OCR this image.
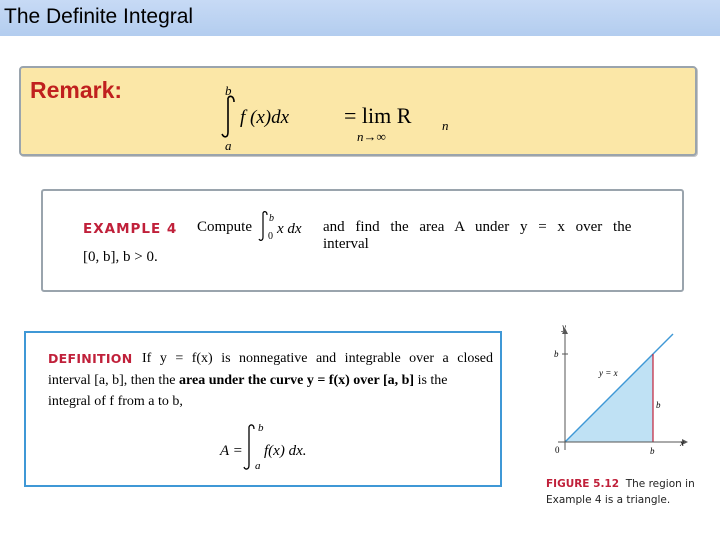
The Definite Integral
Remark:	b
a
f (x)dx = lim R n
n→∞
EXAMPLE 4 Compute
b
0 x dx and find the area A under y = x over the interval
[0, b], b > 0.
DEFINITION If y = f(x) is nonnegative and integrable over a closed
interval [a, b], then the area under the curve y = f(x) over [a, b] is the
integral of f from a to b,
A =
b
a
f(x) dx.
y
x
0
b
b
y = x
b
FIGURE 5.12 The region in Example 4 is a triangle.
